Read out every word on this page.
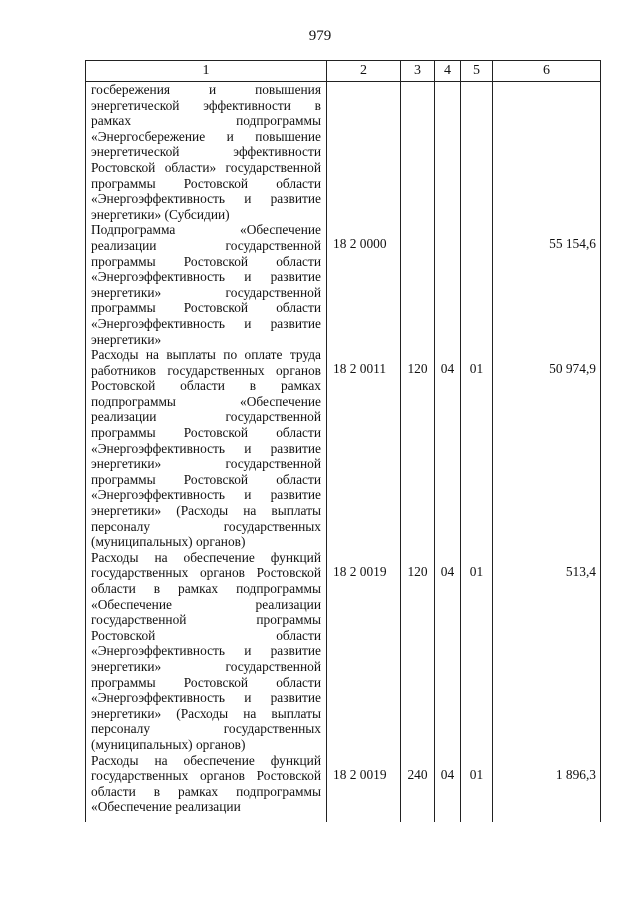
979
1	2	3	4	5	6
госбережения и повышения энергетической эффективности в рамках подпрограммы «Энергосбережение и повышение энергетической эффективности Ростовской области» государственной программы Ростовской области «Энергоэффективность и развитие энергетики» (Субсидии)					
Подпрограмма «Обеспечение реализации государственной программы Ростовской области «Энергоэффективность и развитие энергетики» государственной программы Ростовской области «Энергоэффективность и развитие энергетики»	18 2 0000				55 154,6
Расходы на выплаты по оплате труда работников государственных органов Ростовской области в рамках подпрограммы «Обеспечение реализации государственной программы Ростовской области «Энергоэффективность и развитие энергетики» государственной программы Ростовской области «Энергоэффективность и развитие энергетики» (Расходы на выплаты персоналу государственных (муниципальных) органов)	18 2 0011	120	04	01	50 974,9
Расходы на обеспечение функций государственных органов Ростовской области в рамках подпрограммы «Обеспечение реализации государственной программы Ростовской области «Энергоэффективность и развитие энергетики» государственной программы Ростовской области «Энергоэффективность и развитие энергетики» (Расходы на выплаты персоналу государственных (муниципальных) органов)	18 2 0019	120	04	01	513,4
Расходы на обеспечение функций государственных органов Ростовской области в рамках подпрограммы «Обеспечение реализации	18 2 0019	240	04	01	1 896,3
